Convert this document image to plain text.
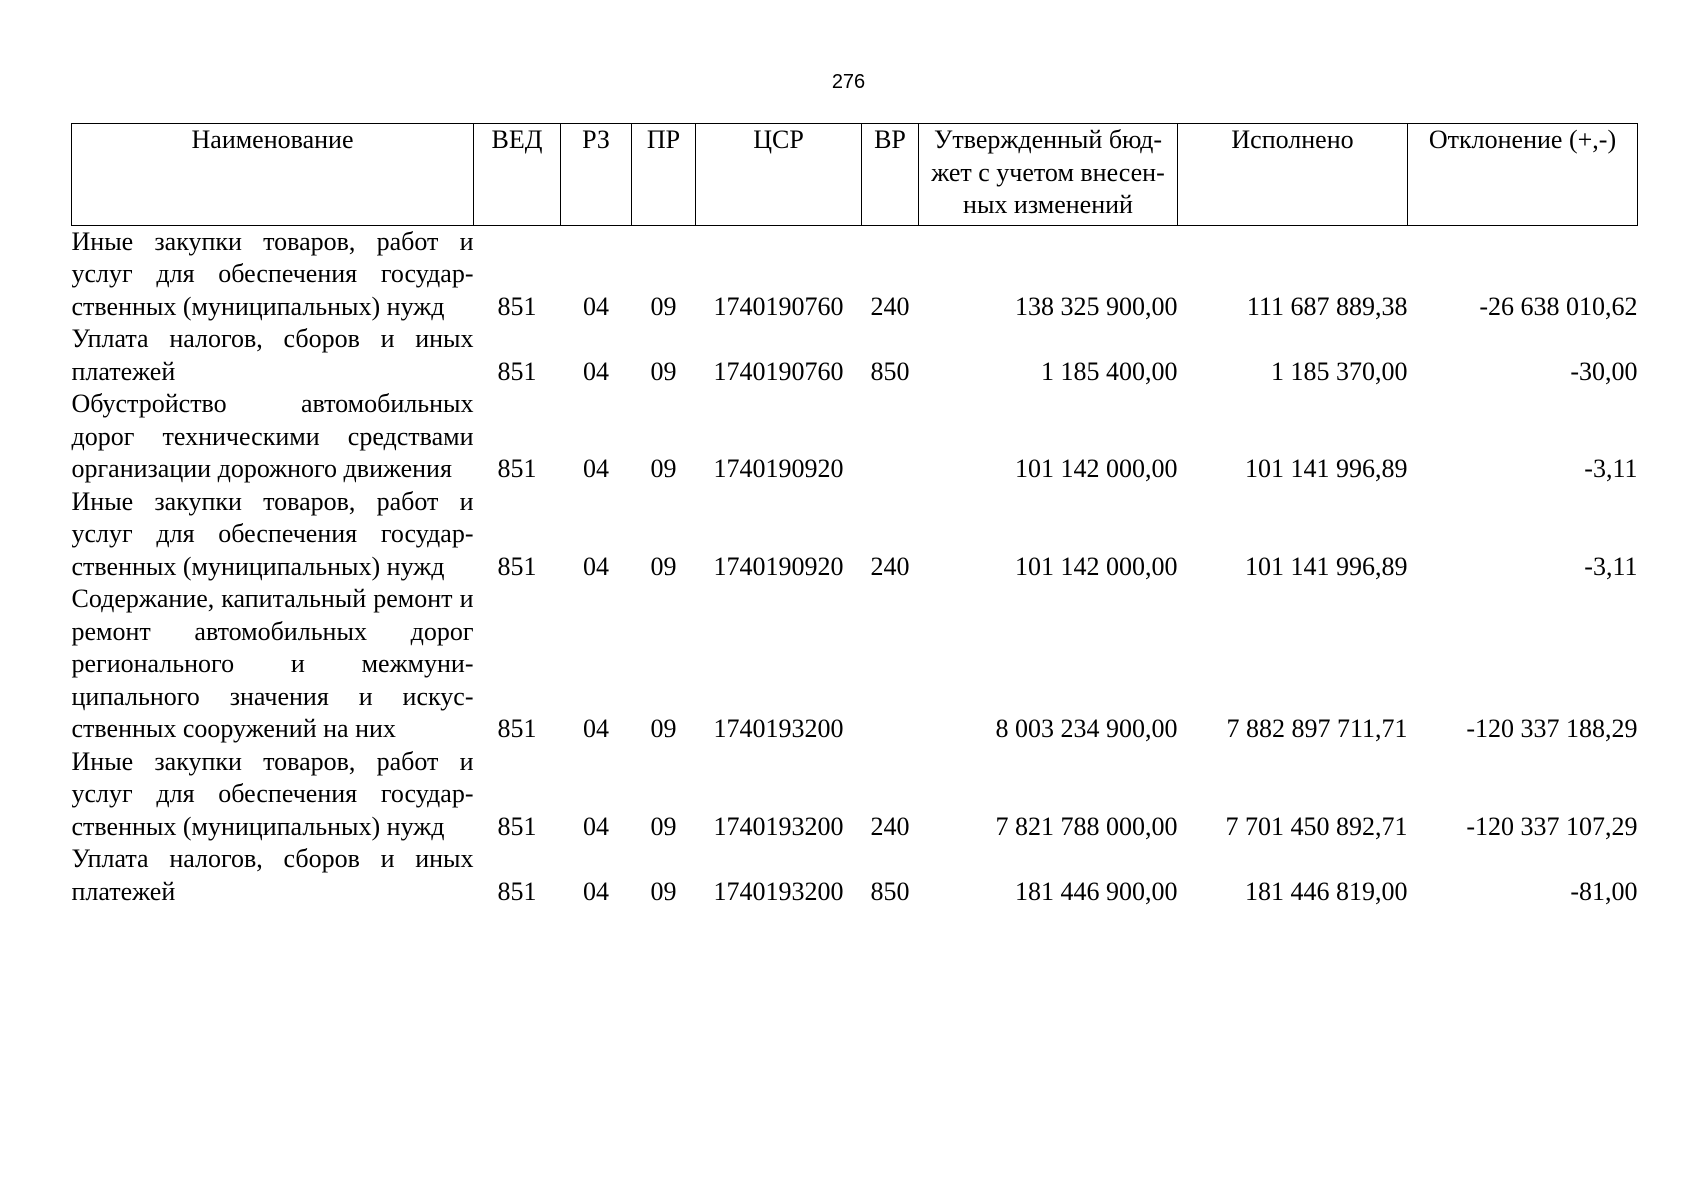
276
Наименование	ВЕД	РЗ	ПР	ЦСР	ВР	Утвержденный бюд-жет с учетом внесен-ных изменений	Исполнено	Отклонение (+,-)
Иные закупки товаров, работ и услуг для обеспечения государственных (муниципальных) нужд	851	04	09	1740190760	240	138 325 900,00	111 687 889,38	-26 638 010,62
Уплата налогов, сборов и иных платежей	851	04	09	1740190760	850	1 185 400,00	1 185 370,00	-30,00
Обустройство автомобильных дорог техническими средствами организации дорожного движения	851	04	09	1740190920		101 142 000,00	101 141 996,89	-3,11
Иные закупки товаров, работ и услуг для обеспечения государственных (муниципальных) нужд	851	04	09	1740190920	240	101 142 000,00	101 141 996,89	-3,11
Содержание, капитальный ремонт и ремонт автомобильных дорог регионального и межмуниципального значения и искусственных сооружений на них	851	04	09	1740193200		8 003 234 900,00	7 882 897 711,71	-120 337 188,29
Иные закупки товаров, работ и услуг для обеспечения государственных (муниципальных) нужд	851	04	09	1740193200	240	7 821 788 000,00	7 701 450 892,71	-120 337 107,29
Уплата налогов, сборов и иных платежей	851	04	09	1740193200	850	181 446 900,00	181 446 819,00	-81,00
